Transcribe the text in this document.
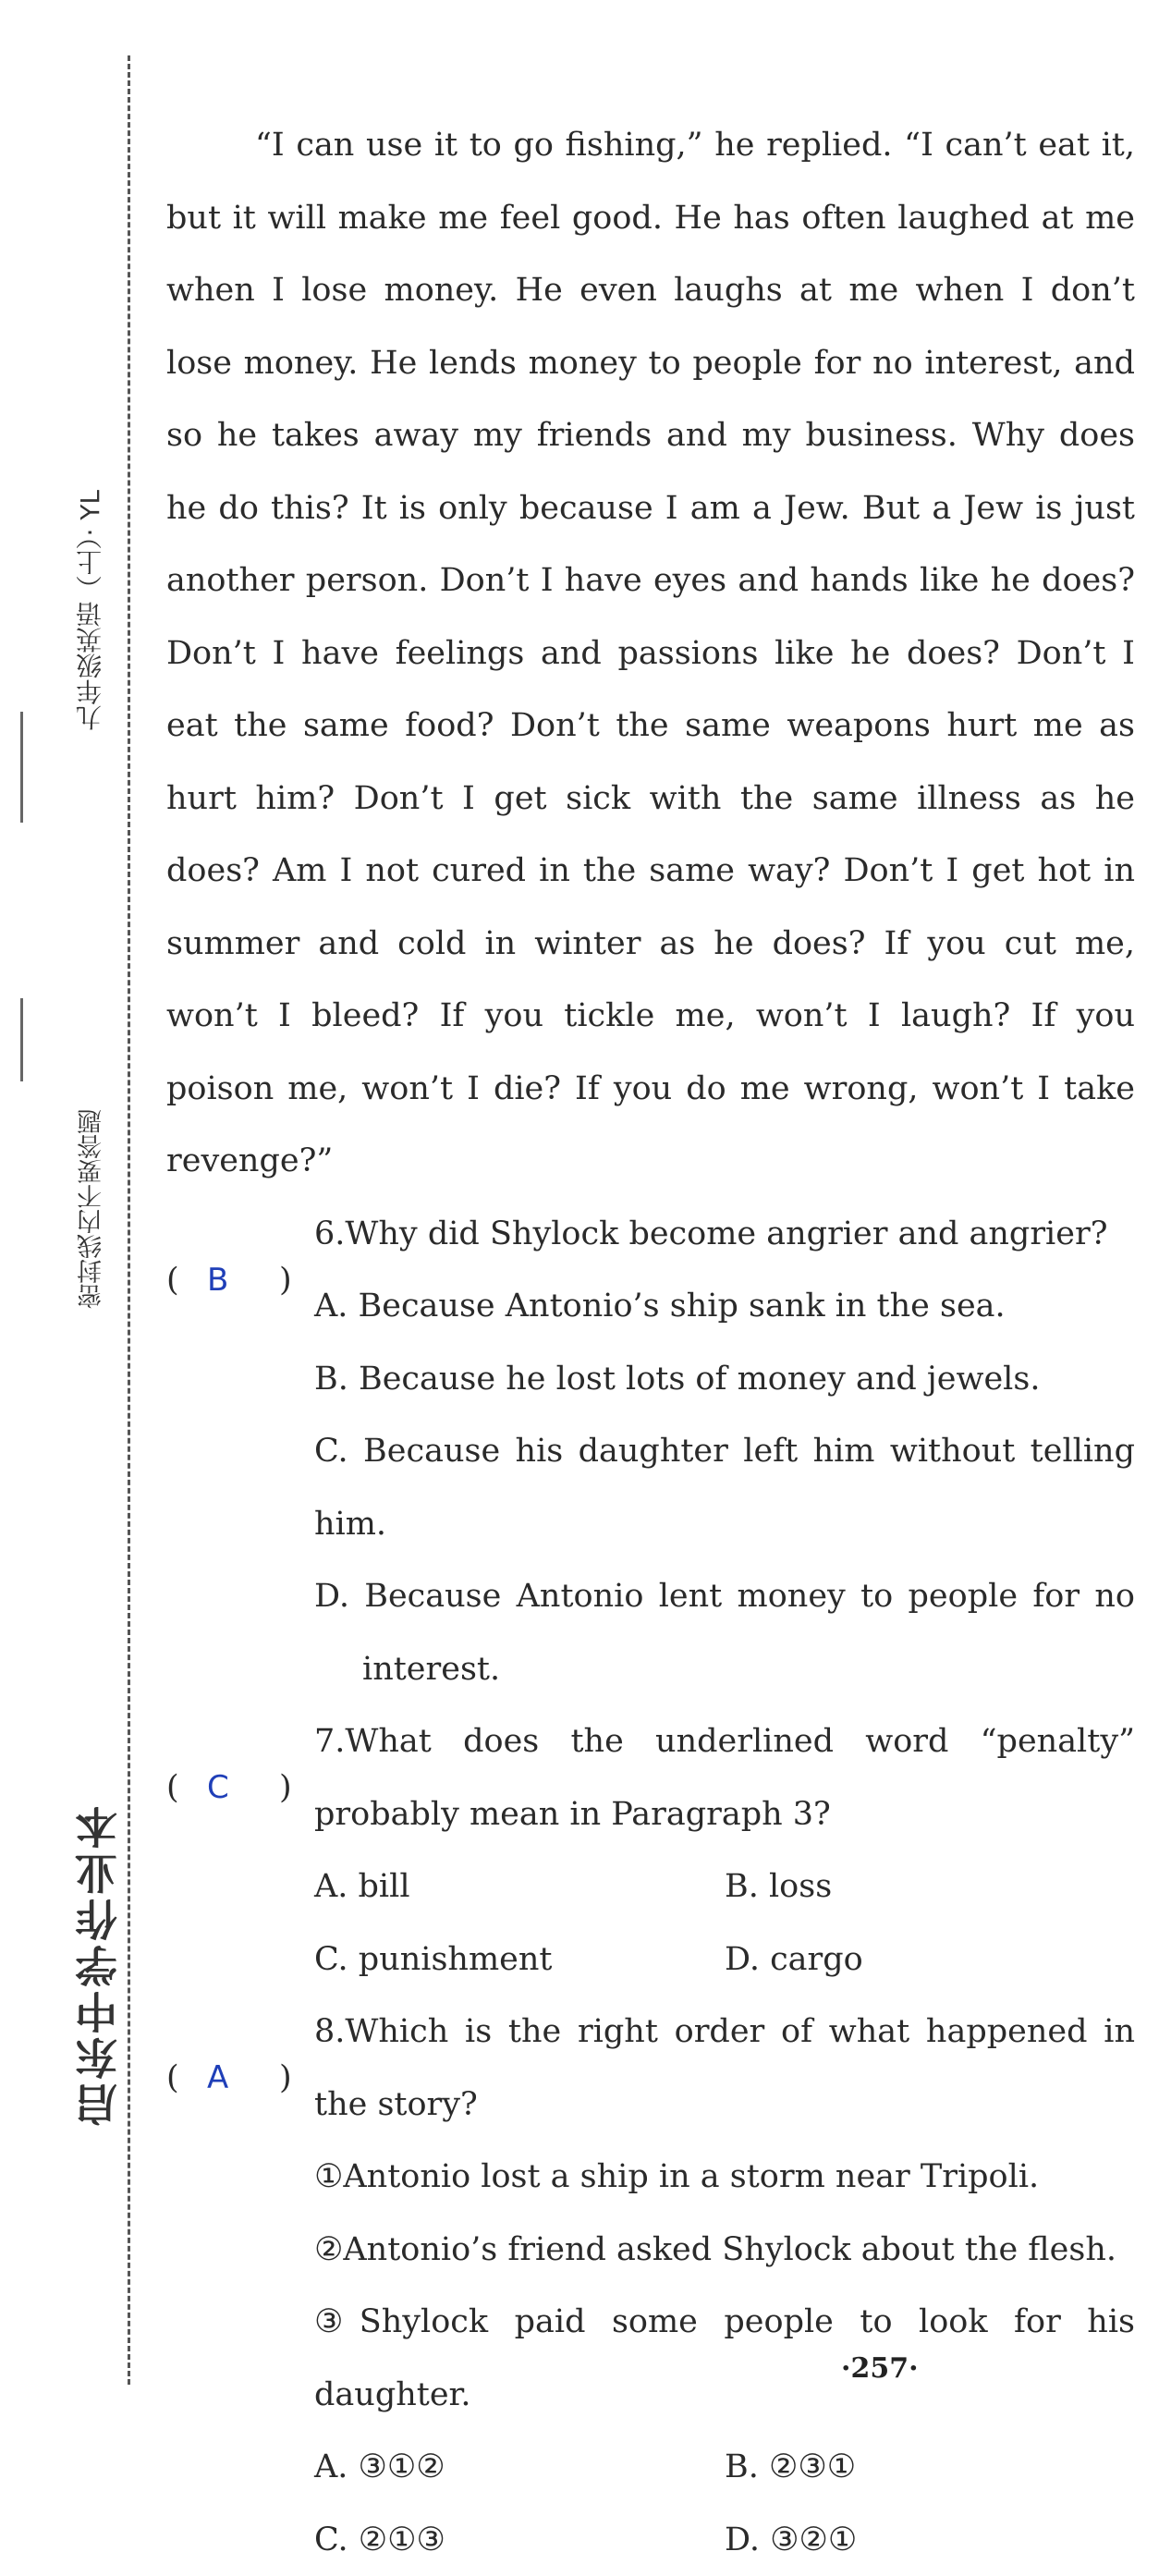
九年级英语（上）· YL
密封线内不要答题
启东中学作业本

“I can use it to go fishing,” he replied. “I can’t eat it, but it will make me feel good. He has often laughed at me when I lose money. He even laughs at me when I don’t lose money. He lends money to people for no interest, and so he takes away my friends and my business. Why does he do this? It is only because I am a Jew. But a Jew is just another person. Don’t I have eyes and hands like he does? Don’t I have feelings and passions like he does? Don’t I eat the same food? Don’t the same weapons hurt me as hurt him? Don’t I get sick with the same illness as he does? Am I not cured in the same way? Don’t I get hot in summer and cold in winter as he does? If you cut me, won’t I bleed? If you tickle me, won’t I laugh? If you poison me, won’t I die? If you do me wrong, won’t I take revenge?”

( B )
6.Why did Shylock become angrier and angrier?

A. Because Antonio’s ship sank in the sea.

B. Because he lost lots of money and jewels.

C. Because his daughter left him without telling him.

D. Because Antonio lent money to people for no interest.

( C )
7.What does the underlined word “penalty” probably mean in Paragraph 3?
A. bill	B. loss
C. punishment	D. cargo
( A )
8.Which is the right order of what happened in the story?

①Antonio lost a ship in a storm near Tripoli.

②Antonio’s friend asked Shylock about the flesh.

③Shylock paid some people to look for his daughter.

A. ③①②	B. ②③①
C. ②①③	D. ③②①
·257·
